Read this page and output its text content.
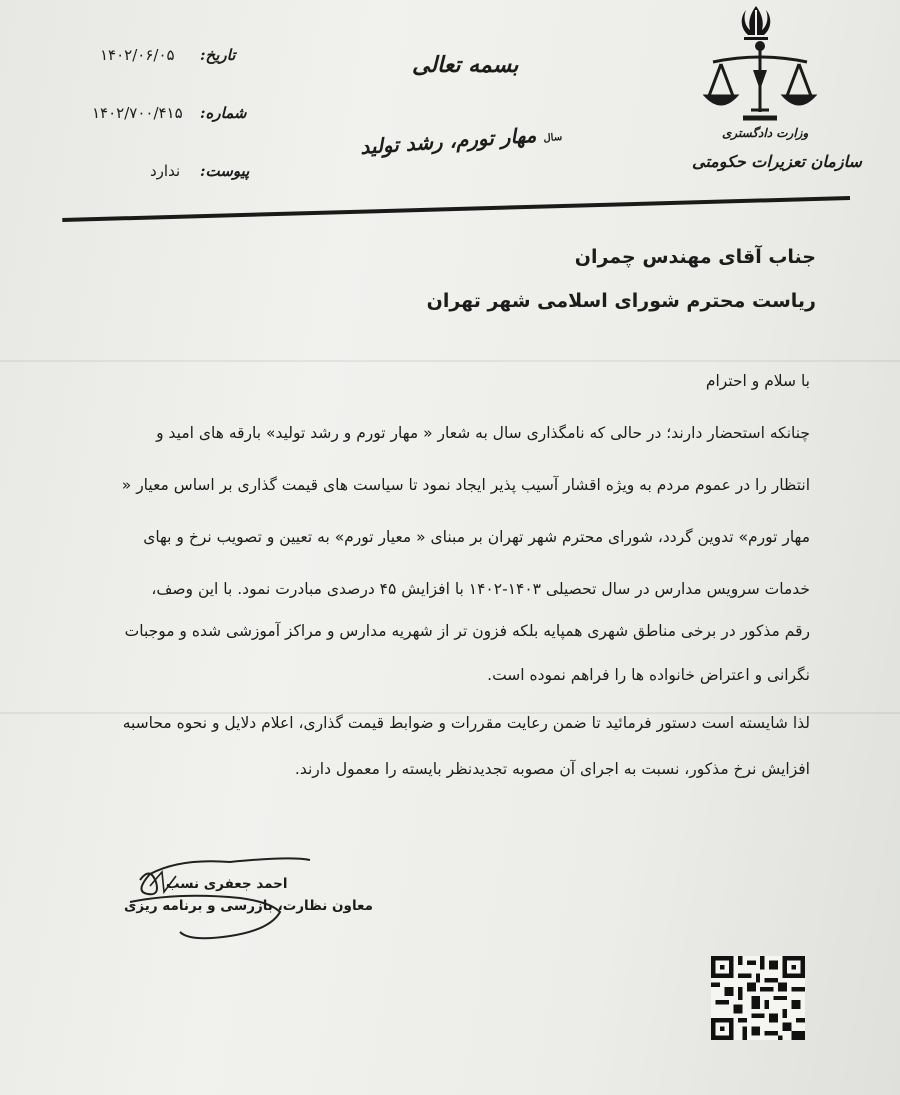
وزارت دادگستری
سازمان تعزیرات حکومتی
بسمه تعالی
سال مهار تورم، رشد تولید
تاریخ:
۱۴۰۲/۰۶/۰۵
شماره:
۱۴۰۲/۷۰۰/۴۱۵
پیوست:
ندارد
جناب آقای مهندس چمران
ریاست محترم شورای اسلامی شهر تهران
با سلام و احترام
چنانکه استحضار دارند؛ در حالی که نامگذاری سال به شعار « مهار تورم و رشد تولید» بارقه های امید و
انتظار را در عموم مردم به ویژه اقشار آسیب پذیر ایجاد نمود تا سیاست های قیمت گذاری بر اساس معیار «
مهار تورم» تدوین گردد، شورای محترم شهر تهران بر مبنای « معیار تورم» به تعیین و تصویب نرخ و بهای
خدمات سرویس مدارس در سال تحصیلی ۱۴۰۳-۱۴۰۲ با افزایش ۴۵ درصدی مبادرت نمود. با این وصف،
رقم مذکور در برخی مناطق شهری همپایه بلکه فزون تر از شهریه مدارس و مراکز آموزشی شده و موجبات
نگرانی و اعتراض خانواده ها را فراهم نموده است.
لذا شایسته است دستور فرمائید تا ضمن رعایت مقررات و ضوابط قیمت گذاری، اعلام دلایل و نحوه محاسبه
افزایش نرخ مذکور، نسبت به اجرای آن مصوبه تجدیدنظر بایسته را معمول دارند.
احمد جعفری نسب
معاون نظارت، بازرسی و برنامه ریزی
